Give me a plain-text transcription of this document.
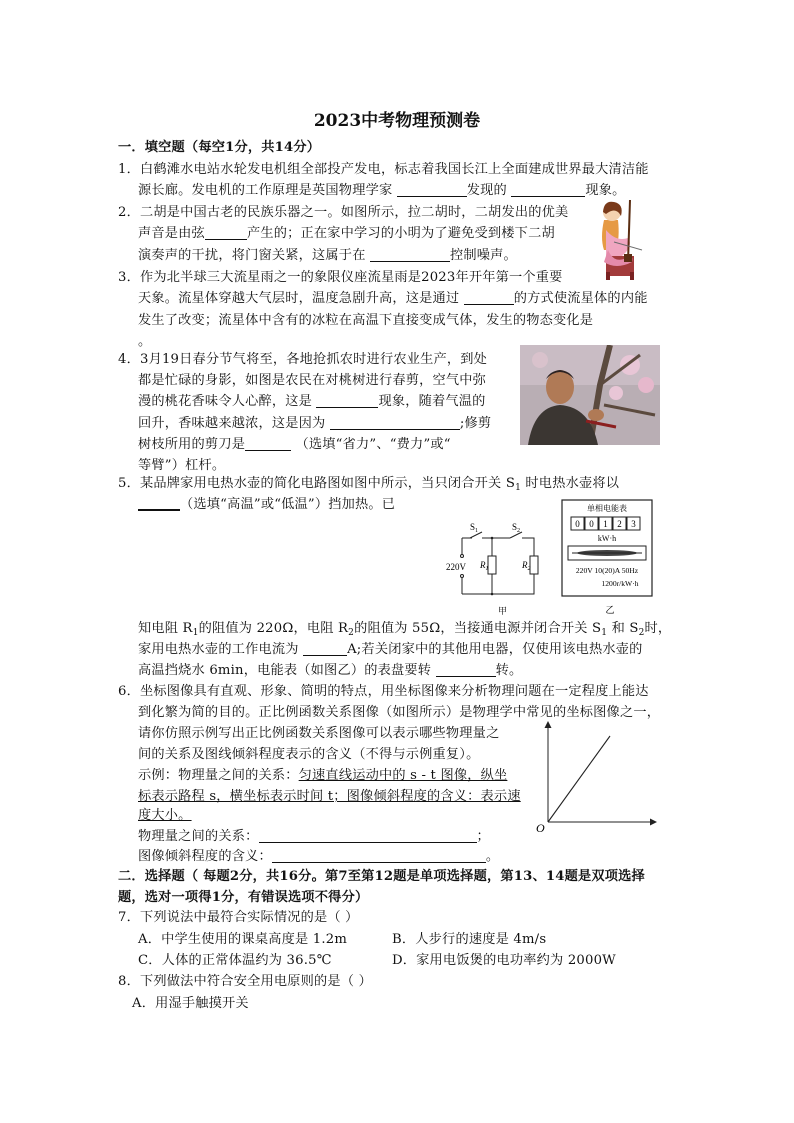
2023中考物理预测卷
一．填空题（每空1分，共14分）
1．白鹤滩水电站水轮发电机组全部投产发电，标志着我国长江上全面建成世界最大清洁能
源长廊。发电机的工作原理是英国物理学家	发现的	现象。
2．二胡是中国古老的民族乐器之一。如图所示，拉二胡时，二胡发出的优美
声音是由弦	产生的；正在家中学习的小明为了避免受到楼下二胡
演奏声的干扰，将门窗关紧，这属于在	控制噪声。
3．作为北半球三大流星雨之一的象限仪座流星雨是2023年开年第一个重要
天象。流星体穿越大气层时，温度急剧升高，这是通过	的方式使流星体的内能
发生了改变；流星体中含有的冰粒在高温下直接变成气体，发生的物态变化是
。
4．3月19日春分节气将至，各地抢抓农时进行农业生产，到处
都是忙碌的身影，如图是农民在对桃树进行春剪，空气中弥
漫的桃花香味令人心醉，这是	现象，随着气温的
回升，香味越来越浓，这是因为	;修剪
树枝所用的剪刀是	（选填“省力”、“费力”或“
等臂”）杠杆。
5．某品牌家用电热水壶的简化电路图如图中所示，当只闭合开关 $S_1$ 时电热水壶将以
（选填“高温”或“低温”）挡加热。已
$S_1$	$S_2$
220V $R_1$	$R_2$
甲
单相电能表
0 0 1 2 3
kW·h
220V 10(20)A 50Hz
1200r/kW·h
乙
知电阻 $R_1$的阻值为 220Ω，电阻 $R_2$的阻值为 55Ω，当接通电源并闭合开关 $S_1$ 和 $S_2$时，
家用电热水壶的工作电流为	A;若关闭家中的其他用电器，仅使用该电热水壶的
高温挡烧水 6min，电能表（如图乙）的表盘要转	转。
6．坐标图像具有直观、形象、简明的特点，用坐标图像来分析物理问题在一定程度上能达
到化繁为简的目的。正比例函数关系图像（如图所示）是物理学中常见的坐标图像之一，
请你仿照示例写出正比例函数关系图像可以表示哪些物理量之
间的关系及图线倾斜程度表示的含义（不得与示例重复）。
示例：物理量之间的关系：匀速直线运动中的 s - t 图像，纵坐
标表示路程 s，横坐标表示时间 t；图像倾斜程度的含义：表示速
度大小。
物理量之间的关系：	；
图像倾斜程度的含义：	。
O
二．选择题（ 每题2分，共16分。第7至第12题是单项选择题，第13、14题是双项选择
题，选对一项得1分，有错误选项不得分）
7．下列说法中最符合实际情况的是（ ）
A．中学生使用的课桌高度是 1.2m	B．人步行的速度是 4m/s
C．人体的正常体温约为 36.5℃	D．家用电饭煲的电功率约为 2000W
8．下列做法中符合安全用电原则的是（ ）
A．用湿手触摸开关
